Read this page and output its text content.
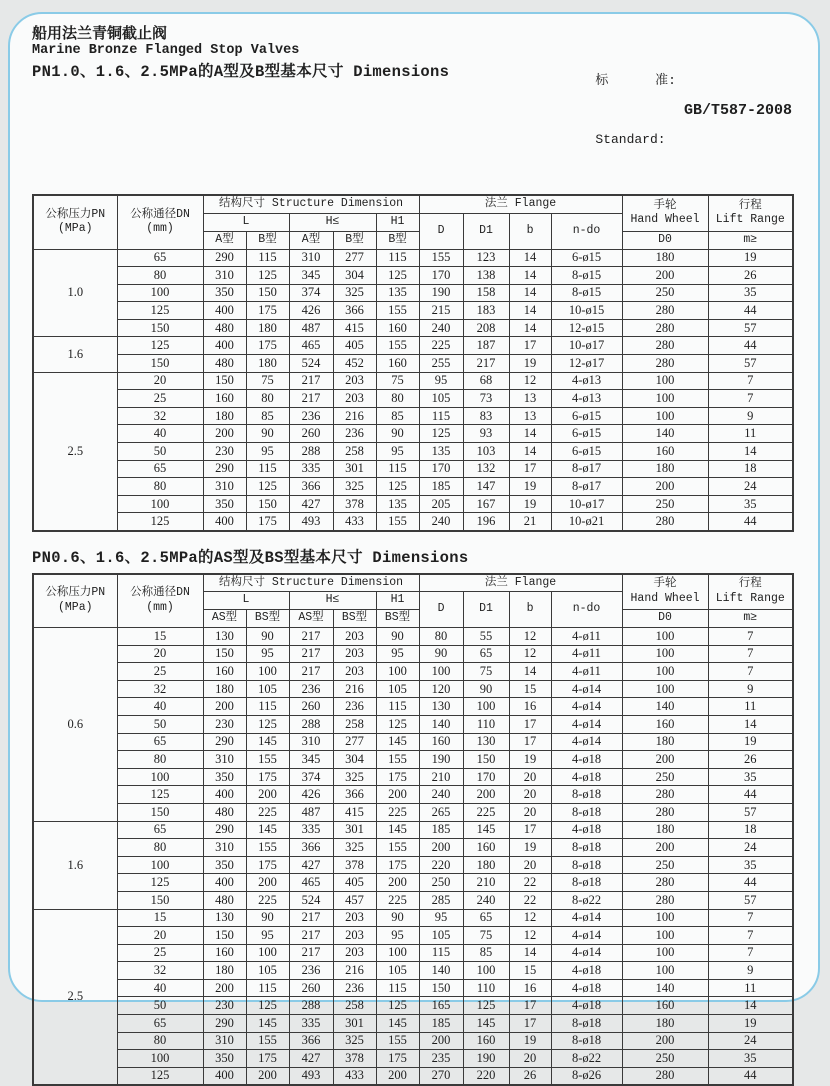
船用法兰青铜截止阀
Marine Bronze Flanged Stop Valves
PN1.0、1.6、2.5MPa的A型及B型基本尺寸 Dimensions

	标      准:

Standard:

GB/T587-2008
公称压力PN
(MPa)

公称通径DN
(mm)
	结构尺寸 Structure Dimension	法兰 Flange	手轮
Hand Wheel

行程
Lift Range

		L		H≤		H1	D	D1	b	n-do		
		A型	B型	A型	B型	B型					D0	m≥
1.0	65	290	115	310	277	115	155	123	14	6-ø15	180	19
	80	310	125	345	304	125	170	138	14	8-ø15	200	26
	100	350	150	374	325	135	190	158	14	8-ø15	250	35
	125	400	175	426	366	155	215	183	14	10-ø15	280	44
	150	480	180	487	415	160	240	208	14	12-ø15	280	57
1.6	125	400	175	465	405	155	225	187	17	10-ø17	280	44
	150	480	180	524	452	160	255	217	19	12-ø17	280	57
2.5	20	150	75	217	203	75	95	68	12	4-ø13	100	7
	25	160	80	217	203	80	105	73	13	4-ø13	100	7
	32	180	85	236	216	85	115	83	13	6-ø15	100	9
	40	200	90	260	236	90	125	93	14	6-ø15	140	11
	50	230	95	288	258	95	135	103	14	6-ø15	160	14
	65	290	115	335	301	115	170	132	17	8-ø17	180	18
	80	310	125	366	325	125	185	147	19	8-ø17	200	24
	100	350	150	427	378	135	205	167	19	10-ø17	250	35
	125	400	175	493	433	155	240	196	21	10-ø21	280	44
PN0.6、1.6、2.5MPa的AS型及BS型基本尺寸 Dimensions
公称压力PN
(MPa)

公称通径DN
(mm)
	结构尺寸 Structure Dimension	法兰 Flange	手轮
Hand Wheel

行程
Lift Range

		L		H≤		H1	D	D1	b	n-do		
		AS型	BS型	AS型	BS型	BS型					D0	m≥
0.6	15	130	90	217	203	90	80	55	12	4-ø11	100	7
	20	150	95	217	203	95	90	65	12	4-ø11	100	7
	25	160	100	217	203	100	100	75	14	4-ø11	100	7
	32	180	105	236	216	105	120	90	15	4-ø14	100	9
	40	200	115	260	236	115	130	100	16	4-ø14	140	11
	50	230	125	288	258	125	140	110	17	4-ø14	160	14
	65	290	145	310	277	145	160	130	17	4-ø14	180	19
	80	310	155	345	304	155	190	150	19	4-ø18	200	26
	100	350	175	374	325	175	210	170	20	4-ø18	250	35
	125	400	200	426	366	200	240	200	20	8-ø18	280	44
	150	480	225	487	415	225	265	225	20	8-ø18	280	57
1.6	65	290	145	335	301	145	185	145	17	4-ø18	180	18
	80	310	155	366	325	155	200	160	19	8-ø18	200	24
	100	350	175	427	378	175	220	180	20	8-ø18	250	35
	125	400	200	465	405	200	250	210	22	8-ø18	280	44
	150	480	225	524	457	225	285	240	22	8-ø22	280	57
2.5	15	130	90	217	203	90	95	65	12	4-ø14	100	7
	20	150	95	217	203	95	105	75	12	4-ø14	100	7
	25	160	100	217	203	100	115	85	14	4-ø14	100	7
	32	180	105	236	216	105	140	100	15	4-ø18	100	9
	40	200	115	260	236	115	150	110	16	4-ø18	140	11
	50	230	125	288	258	125	165	125	17	4-ø18	160	14
	65	290	145	335	301	145	185	145	17	8-ø18	180	19
	80	310	155	366	325	155	200	160	19	8-ø18	200	24
	100	350	175	427	378	175	235	190	20	8-ø22	250	35
	125	400	200	493	433	200	270	220	26	8-ø26	280	44
